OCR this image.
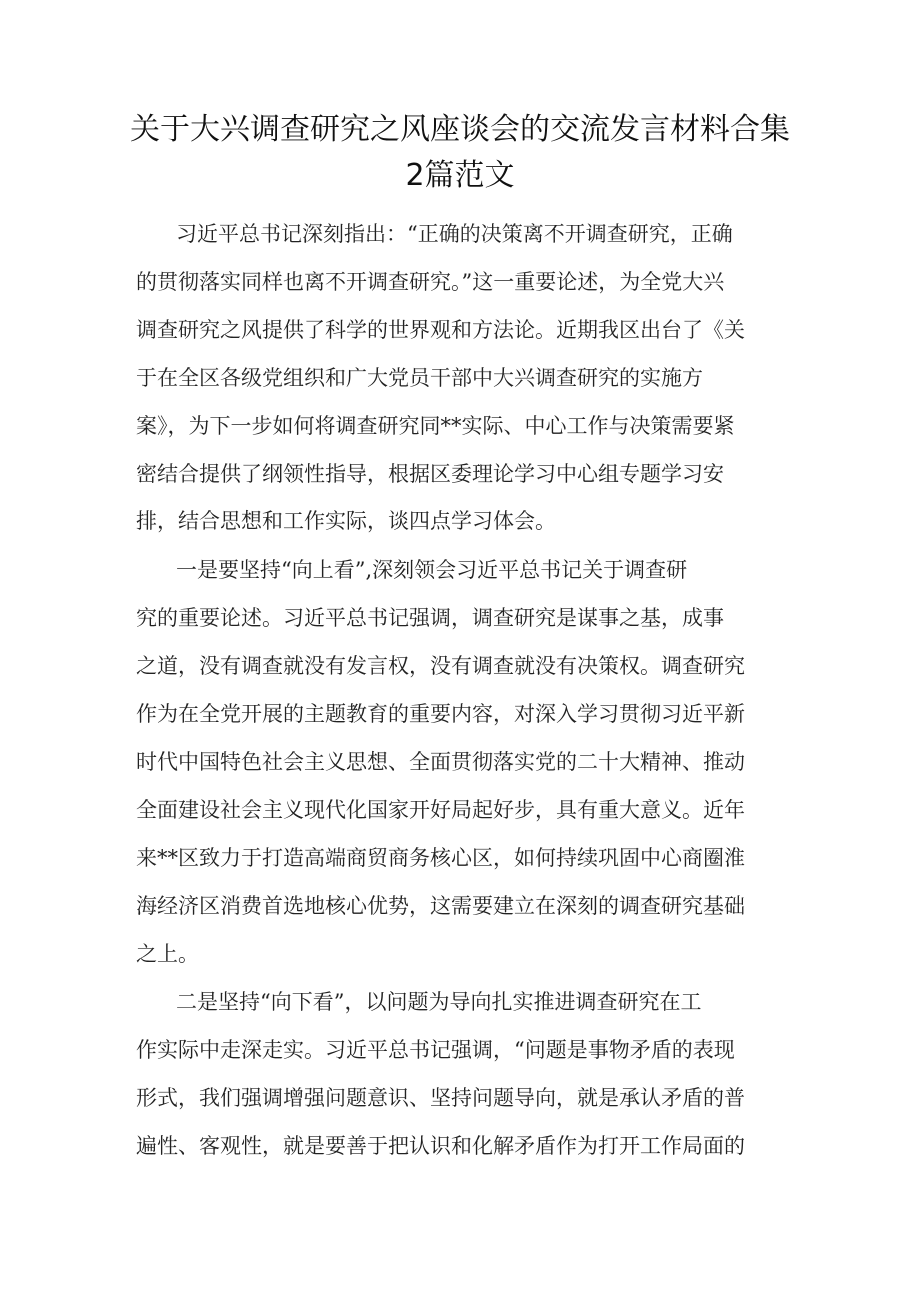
关于大兴调查研究之风座谈会的交流发言材料合集
2篇范文
习近平总书记深刻指出：“正确的决策离不开调查研究，正确
的贯彻落实同样也离不开调查研究。”这一重要论述，为全党大兴
调查研究之风提供了科学的世界观和方法论。近期我区出台了《关
于在全区各级党组织和广大党员干部中大兴调查研究的实施方
案》，为下一步如何将调查研究同**实际、中心工作与决策需要紧
密结合提供了纲领性指导，根据区委理论学习中心组专题学习安
排，结合思想和工作实际，谈四点学习体会。
一是要坚持“向上看”,深刻领会习近平总书记关于调查研
究的重要论述。习近平总书记强调，调查研究是谋事之基，成事
之道，没有调查就没有发言权，没有调查就没有决策权。调查研究
作为在全党开展的主题教育的重要内容，对深入学习贯彻习近平新
时代中国特色社会主义思想、全面贯彻落实党的二十大精神、推动
全面建设社会主义现代化国家开好局起好步，具有重大意义。近年
来**区致力于打造高端商贸商务核心区，如何持续巩固中心商圈淮
海经济区消费首选地核心优势，这需要建立在深刻的调查研究基础
之上。
二是坚持“向下看”，以问题为导向扎实推进调查研究在工
作实际中走深走实。习近平总书记强调，“问题是事物矛盾的表现
形式，我们强调增强问题意识、坚持问题导向，就是承认矛盾的普
遍性、客观性，就是要善于把认识和化解矛盾作为打开工作局面的
